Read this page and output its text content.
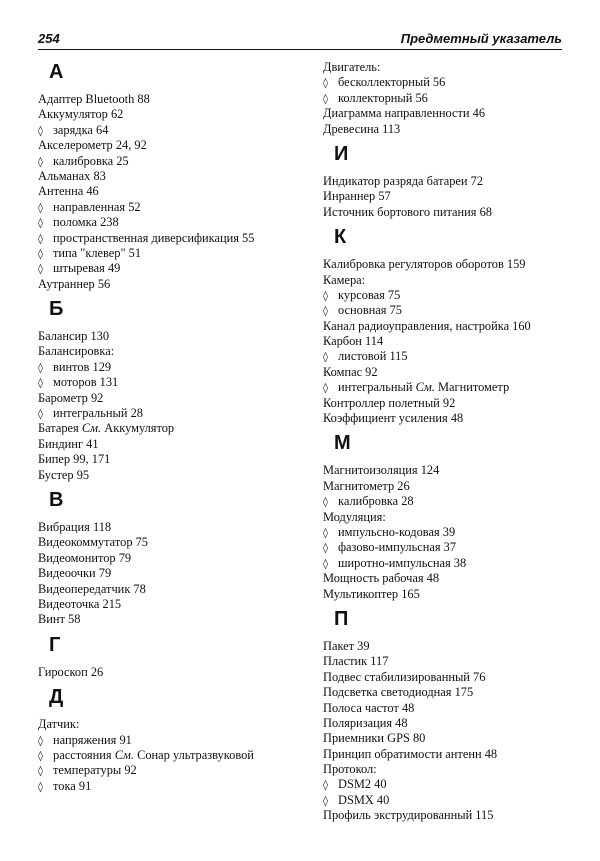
254	Предметный указатель
А
Адаптер Bluetooth 88
Аккумулятор 62
◊ зарядка 64
Акселерометр 24, 92
◊ калибровка 25
Альманах 83
Антенна 46
◊ направленная 52
◊ поломка 238
◊ пространственная диверсификация 55
◊ типа "клевер" 51
◊ штыревая 49
Аутраннер 56
Б
Балансир 130
Балансировка:
◊ винтов 129
◊ моторов 131
Барометр 92
◊ интегральный 28
Батарея См. Аккумулятор
Биндинг 41
Бипер 99, 171
Бустер 95
В
Вибрация 118
Видеокоммутатор 75
Видеомонитор 79
Видеоочки 79
Видеопередатчик 78
Видеоточка 215
Винт 58
Г
Гироскоп 26
Д
Датчик:
◊ напряжения 91
◊ расстояния См. Сонар ультразвуковой
◊ температуры 92
◊ тока 91
Двигатель:
◊ бесколлекторный 56
◊ коллекторный 56
Диаграмма направленности 46
Древесина 113
И
Индикатор разряда батареи 72
Инраннер 57
Источник бортового питания 68
К
Калибровка регуляторов оборотов 159
Камера:
◊ курсовая 75
◊ основная 75
Канал радиоуправления, настройка 160
Карбон 114
◊ листовой 115
Компас 92
◊ интегральный См. Магнитометр
Контроллер полетный 92
Коэффициент усиления 48
М
Магнитоизоляция 124
Магнитометр 26
◊ калибровка 28
Модуляция:
◊ импульсно-кодовая 39
◊ фазово-импульсная 37
◊ широтно-импульсная 38
Мощность рабочая 48
Мультикоптер 165
П
Пакет 39
Пластик 117
Подвес стабилизированный 76
Подсветка светодиодная 175
Полоса частот 48
Поляризация 48
Приемники GPS 80
Принцип обратимости антенн 48
Протокол:
◊ DSM2 40
◊ DSMX 40
Профиль экструдированный 115
